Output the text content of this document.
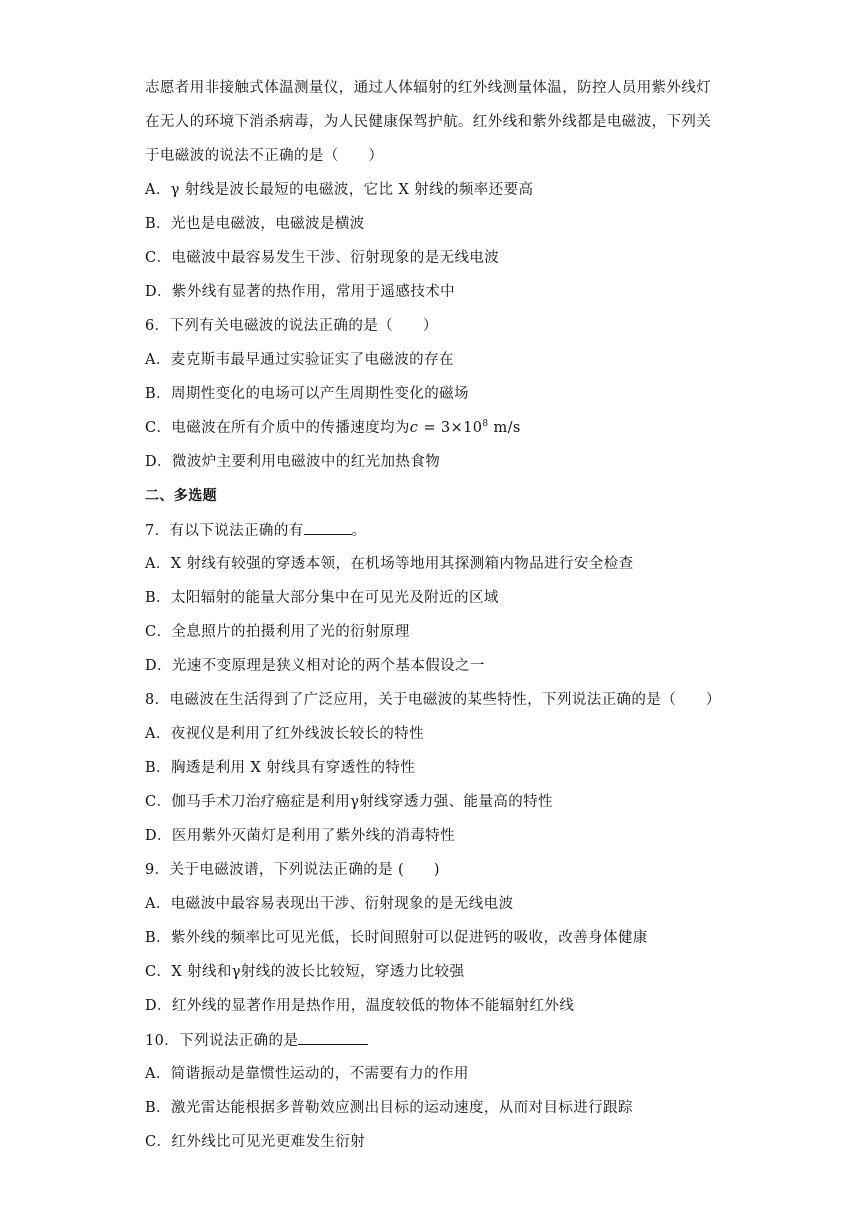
志愿者用非接触式体温测量仪，通过人体辐射的红外线测量体温，防控人员用紫外线灯
在无人的环境下消杀病毒，为人民健康保驾护航。红外线和紫外线都是电磁波，下列关
于电磁波的说法不正确的是（　　）
A．γ 射线是波长最短的电磁波，它比 X 射线的频率还要高
B．光也是电磁波，电磁波是横波
C．电磁波中最容易发生干涉、衍射现象的是无线电波
D．紫外线有显著的热作用，常用于遥感技术中
6．下列有关电磁波的说法正确的是（　　）
A．麦克斯韦最早通过实验证实了电磁波的存在
B．周期性变化的电场可以产生周期性变化的磁场
C．电磁波在所有介质中的传播速度均为$c = 3\times 10^8$ m/s
D．微波炉主要利用电磁波中的红光加热食物
二、多选题
7．有以下说法正确的有	。
A．X 射线有较强的穿透本领，在机场等地用其探测箱内物品进行安全检查
B．太阳辐射的能量大部分集中在可见光及附近的区域
C．全息照片的拍摄利用了光的衍射原理
D．光速不变原理是狭义相对论的两个基本假设之一
8．电磁波在生活得到了广泛应用，关于电磁波的某些特性，下列说法正确的是（　　）
A．夜视仪是利用了红外线波长较长的特性
B．胸透是利用 X 射线具有穿透性的特性
C．伽马手术刀治疗癌症是利用γ射线穿透力强、能量高的特性
D．医用紫外灭菌灯是利用了紫外线的消毒特性
9．关于电磁波谱，下列说法正确的是 (　　)
A．电磁波中最容易表现出干涉、衍射现象的是无线电波
B．紫外线的频率比可见光低，长时间照射可以促进钙的吸收，改善身体健康
C．X 射线和γ射线的波长比较短，穿透力比较强
D．红外线的显著作用是热作用，温度较低的物体不能辐射红外线
10．下列说法正确的是
A．简谐振动是靠惯性运动的，不需要有力的作用
B．激光雷达能根据多普勒效应测出目标的运动速度，从而对目标进行跟踪
C．红外线比可见光更难发生衍射
